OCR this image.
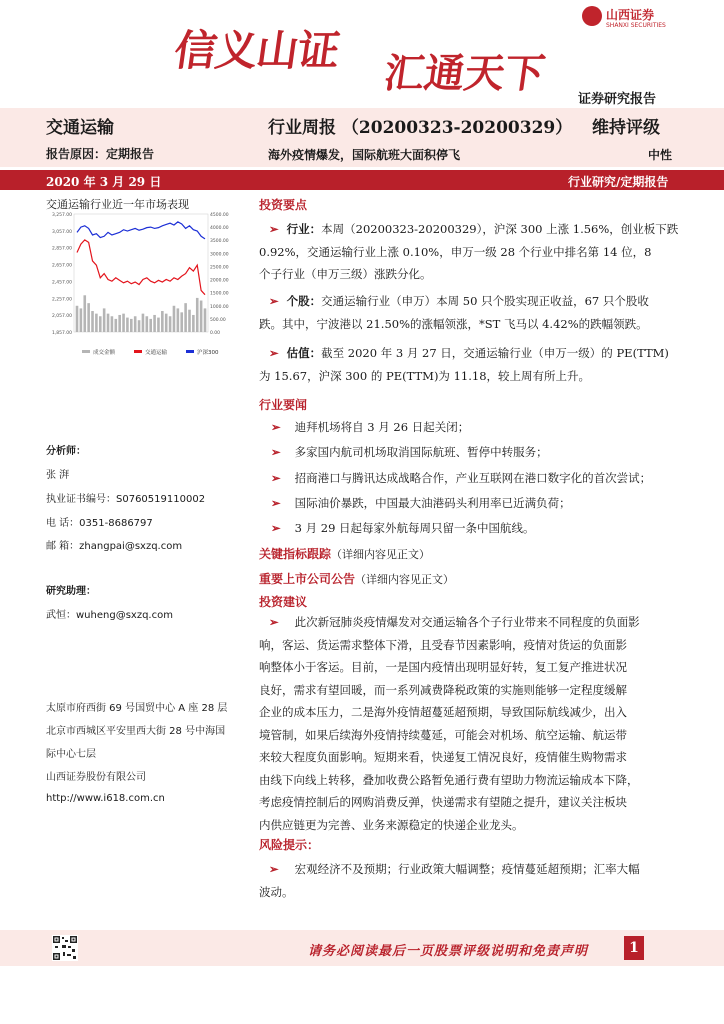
信义山证 汇通天下
山西证券
SHANXI SECURITIES
证券研究报告
交通运输	行业周报 （20200323-20200329） 维持评级
报告原因：定期报告	海外疫情爆发，国际航班大面积停飞	中性
2020 年 3 月 29 日	行业研究/定期报告
交通运输行业近一年市场表现
3,257.00
3,057.00
2,857.00
2,657.00
2,457.00
2,257.00
2,057.00
1,857.00
4500.00
4000.00
3500.00
3000.00
2500.00
2000.00
1500.00
1000.00
500.00
0.00
成交金额	交通运输	沪深300
分析师：
张 湃
执业证书编号：S0760519110002
电 话：0351-8686797
邮 箱：zhangpai@sxzq.com
研究助理：
武恒：wuheng@sxzq.com
太原市府西街 69 号国贸中心 A 座 28 层
北京市西城区平安里西大街 28 号中海国
际中心七层
山西证券股份有限公司
http://www.i618.com.cn
投资要点
➢ 行业：本周（20200323-20200329），沪深 300 上涨 1.56%，创业板下跌
0.92%，交通运输行业上涨 0.10%，申万一级 28 个行业中排名第 14 位，8
个子行业（申万三级）涨跌分化。
➢ 个股：交通运输行业（申万）本周 50 只个股实现正收益，67 只个股收
跌。其中，宁波港以 21.50%的涨幅领涨，*ST 飞马以 4.42%的跌幅领跌。
➢ 估值：截至 2020 年 3 月 27 日，交通运输行业（申万一级）的 PE(TTM)
为 15.67，沪深 300 的 PE(TTM)为 11.18，较上周有所上升。
行业要闻
➢ 迪拜机场将自 3 月 26 日起关闭；
➢ 多家国内航司机场取消国际航班、暂停中转服务；
➢ 招商港口与腾讯达成战略合作，产业互联网在港口数字化的首次尝试；
➢ 国际油价暴跌，中国最大油港码头利用率已近满负荷；
➢ 3 月 29 日起每家外航每周只留一条中国航线。
关键指标跟踪（详细内容见正文）
重要上市公司公告（详细内容见正文）
投资建议
➢ 此次新冠肺炎疫情爆发对交通运输各个子行业带来不同程度的负面影
响，客运、货运需求整体下滑，且受春节因素影响，疫情对货运的负面影
响整体小于客运。目前，一是国内疫情出现明显好转，复工复产推进状况
良好，需求有望回暖，而一系列减费降税政策的实施则能够一定程度缓解
企业的成本压力，二是海外疫情超蔓延超预期，导致国际航线减少，出入
境管制，如果后续海外疫情持续蔓延，可能会对机场、航空运输、航运带
来较大程度负面影响。短期来看，快递复工情况良好，疫情催生购物需求
由线下向线上转移，叠加收费公路暂免通行费有望助力物流运输成本下降，
考虑疫情控制后的网购消费反弹，快递需求有望随之提升，建议关注板块
内供应链更为完善、业务来源稳定的快递企业龙头。
风险提示：
➢ 宏观经济不及预期；行业政策大幅调整；疫情蔓延超预期；汇率大幅
波动。
请务必阅读最后一页股票评级说明和免责声明	1
